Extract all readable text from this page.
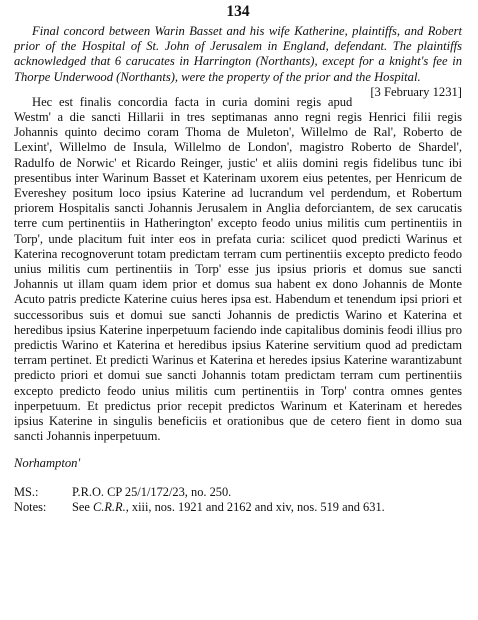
134

Final concord between Warin Basset and his wife Katherine, plaintiffs, and Robert prior of the Hospital of St. John of Jerusalem in England, defendant. The plaintiffs acknowledged that 6 carucates in Harrington (Northants), except for a knight's fee in Thorpe Underwood (Northants), were the property of the prior and the Hospital.
[3 February 1231]

Hec est finalis concordia facta in curia domini regis apud Westm' a die sancti Hillarii in tres septimanas anno regni regis Henrici filii regis Johannis quinto decimo coram Thoma de Muleton', Willelmo de Ral', Roberto de Lexint', Willelmo de Insula, Willelmo de London', magistro Roberto de Shardel', Radulfo de Norwic' et Ricardo Reinger, justic' et aliis domini regis fidelibus tunc ibi presentibus inter Warinum Basset et Katerinam uxorem eius petentes, per Henricum de Evereshey positum loco ipsius Katerine ad lucrandum vel perdendum, et Robertum priorem Hospitalis sancti Johannis Jerusalem in Anglia deforciantem, de sex carucatis terre cum pertinentiis in Hatherington' excepto feodo unius militis cum pertinentiis in Torp', unde placitum fuit inter eos in prefata curia: scilicet quod predicti Warinus et Katerina recognoverunt totam predictam terram cum pertinentiis excepto predicto feodo unius militis cum pertinentiis in Torp' esse jus ipsius prioris et domus sue sancti Johannis ut illam quam idem prior et domus sua habent ex dono Johannis de Monte Acuto patris predicte Katerine cuius heres ipsa est. Habendum et tenendum ipsi priori et successoribus suis et domui sue sancti Johannis de predictis Warino et Katerina et heredibus ipsius Katerine inperpetuum faciendo inde capitalibus dominis feodi illius pro predictis Warino et Katerina et heredibus ipsius Katerine servitium quod ad predictam terram pertinet. Et predicti Warinus et Katerina et heredes ipsius Katerine warantizabunt predicto priori et domui sue sancti Johannis totam predictam terram cum pertinentiis excepto predicto feodo unius militis cum pertinentiis in Torp' contra omnes gentes inperpetuum. Et predictus prior recepit predictos Warinum et Katerinam et heredes ipsius Katerine in singulis beneficiis et orationibus que de cetero fient in domo sua sancti Johannis inperpetuum.

Norhampton'

MS.:	P.R.O. CP 25/1/172/23, no. 250.
Notes:	See C.R.R., xiii, nos. 1921 and 2162 and xiv, nos. 519 and 631.
